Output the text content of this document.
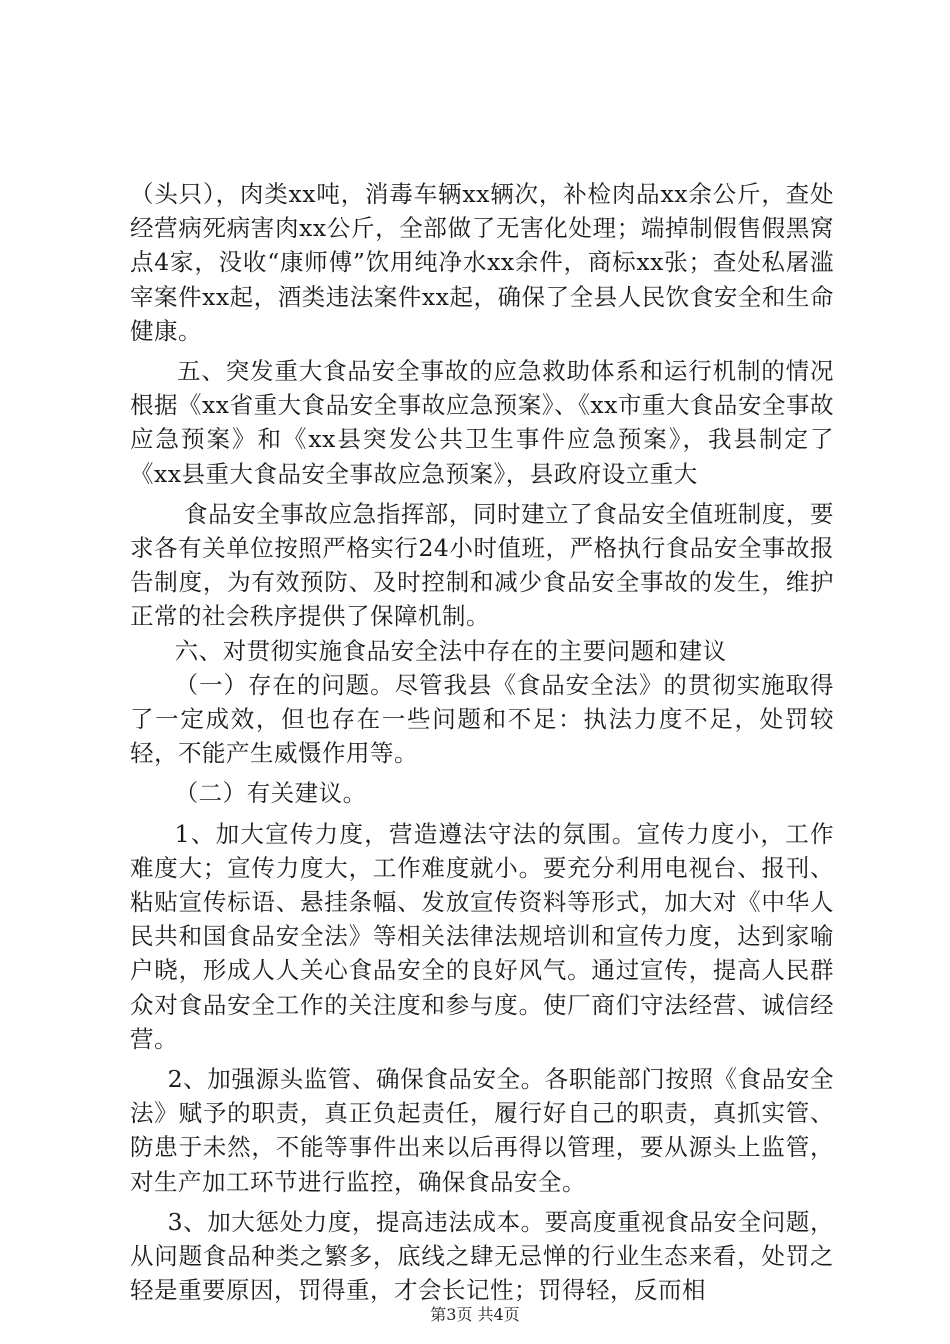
（头只），肉类xx吨，消毒车辆xx辆次，补检肉品xx余公斤，查处经营病死病害肉xx公斤，全部做了无害化处理；端掉制假售假黑窝点4家，没收“康师傅”饮用纯净水xx余件，商标xx张；查处私屠滥宰案件xx起，酒类违法案件xx起，确保了全县人民饮食安全和生命健康。

五、突发重大食品安全事故的应急救助体系和运行机制的情况根据《xx省重大食品安全事故应急预案》、《xx市重大食品安全事故应急预案》和《xx县突发公共卫生事件应急预案》，我县制定了《xx县重大食品安全事故应急预案》，县政府设立重大

食品安全事故应急指挥部，同时建立了食品安全值班制度，要求各有关单位按照严格实行24小时值班，严格执行食品安全事故报告制度，为有效预防、及时控制和减少食品安全事故的发生，维护正常的社会秩序提供了保障机制。

六、对贯彻实施食品安全法中存在的主要问题和建议

（一）存在的问题。尽管我县《食品安全法》的贯彻实施取得了一定成效，但也存在一些问题和不足：执法力度不足，处罚较轻，不能产生威慑作用等。

（二）有关建议。

1、加大宣传力度，营造遵法守法的氛围。宣传力度小，工作难度大；宣传力度大，工作难度就小。要充分利用电视台、报刊、粘贴宣传标语、悬挂条幅、发放宣传资料等形式，加大对《中华人民共和国食品安全法》等相关法律法规培训和宣传力度，达到家喻户晓，形成人人关心食品安全的良好风气。通过宣传，提高人民群众对食品安全工作的关注度和参与度。使厂商们守法经营、诚信经营。

2、加强源头监管、确保食品安全。各职能部门按照《食品安全法》赋予的职责，真正负起责任，履行好自己的职责，真抓实管、防患于未然，不能等事件出来以后再得以管理，要从源头上监管，对生产加工环节进行监控，确保食品安全。

3、加大惩处力度，提高违法成本。要高度重视食品安全问题，从问题食品种类之繁多，底线之肆无忌惮的行业生态来看，处罚之轻是重要原因，罚得重，才会长记性；罚得轻，反而相

第3页 共4页
